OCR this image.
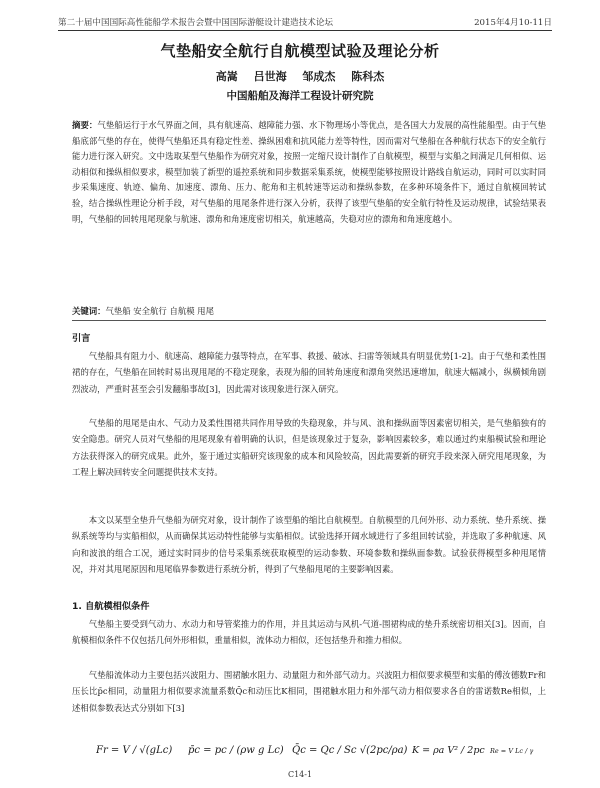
第二十届中国国际高性能船学术报告会暨中国国际游艇设计建造技术论坛	2015年4月10-11日
气垫船安全航行自航模型试验及理论分析
高嵩 吕世海 邹成杰 陈科杰
中国船舶及海洋工程设计研究院
摘要：气垫船运行于水气界面之间，具有航速高、越障能力强、水下物理场小等优点，是各国大力发展的高性能船型。由于气垫船底部气垫的存在，使得气垫船还具有稳定性差、操纵困难和抗风能力差等特性，因而需对气垫船在各种航行状态下的安全航行能力进行深入研究。文中选取某型气垫船作为研究对象，按照一定缩尺设计制作了自航模型，模型与实船之间满足几何相似、运动相似和操纵相似要求，模型加装了新型的遥控系统和同步数据采集系统，使模型能够按照设计路线自航运动，同时可以实时同步采集速度、轨迹、偏角、加速度、漂角、压力、舵角和主机转速等运动和操纵参数，在多种环境条件下，通过自航模回转试验，结合操纵性理论分析手段，对气垫船的甩尾条件进行深入分析，获得了该型气垫船的安全航行特性及运动规律，试验结果表明，气垫船的回转甩尾现象与航速、漂角和角速度密切相关，航速越高，失稳对应的漂角和角速度越小。
关键词：气垫船 安全航行 自航模 甩尾
引言
气垫船具有阻力小、航速高、越障能力强等特点，在军事、救援、破冰、扫雷等领域具有明显优势[1-2]。由于气垫和柔性围裙的存在，气垫船在回转时易出现甩尾的不稳定现象，表现为船的回转角速度和漂角突然迅速增加，航速大幅减小，纵横倾角剧烈波动，严重时甚至会引发翻船事故[3]，因此需对该现象进行深入研究。
气垫船的甩尾是由水、气动力及柔性围裙共同作用导致的失稳现象，并与风、浪和操纵面等因素密切相关，是气垫船独有的安全隐患。研究人员对气垫船的甩尾现象有着明确的认识，但是该现象过于复杂，影响因素较多，难以通过约束船模试验和理论方法获得深入的研究成果。此外，鉴于通过实船研究该现象的成本和风险较高，因此需要新的研究手段来深入研究甩尾现象，为工程上解决回转安全问题提供技术支持。
本文以某型全垫升气垫船为研究对象，设计制作了该型船的缩比自航模型。自航模型的几何外形、动力系统、垫升系统、操纵系统等均与实船相似，从而确保其运动特性能够与实船相似。试验选择开阔水域进行了多组回转试验，并选取了多种航速、风向和波浪的组合工况，通过实时同步的信号采集系统获取模型的运动参数、环境参数和操纵面参数。试验获得模型多种甩尾情况，并对其甩尾原因和甩尾临界参数进行系统分析，得到了气垫船甩尾的主要影响因素。
1. 自航模相似条件
气垫船主要受到气动力、水动力和导管桨推力的作用，并且其运动与风机-气道-围裙构成的垫升系统密切相关[3]。因而，自航模相似条件不仅包括几何外形相似，重量相似，流体动力相似，还包括垫升和推力相似。
气垫船流体动力主要包括兴波阻力、围裙触水阻力、动量阻力和外部气动力。兴波阻力相似要求模型和实船的傅汝德数Fr和压长比p̄c相同，动量阻力相似要求流量系数Q̄c和动压比K相同，围裙触水阻力和外部气动力相似要求各自的雷诺数Re相似，上述相似参数表达式分别如下[3]
Fr = V / √(gLc) p̄c = pc / (ρw g Lc) Q̄c = Qc / Sc √(2pc/ρa) K = ρa V² / 2pc Re = V Lc / γ
C14-1
